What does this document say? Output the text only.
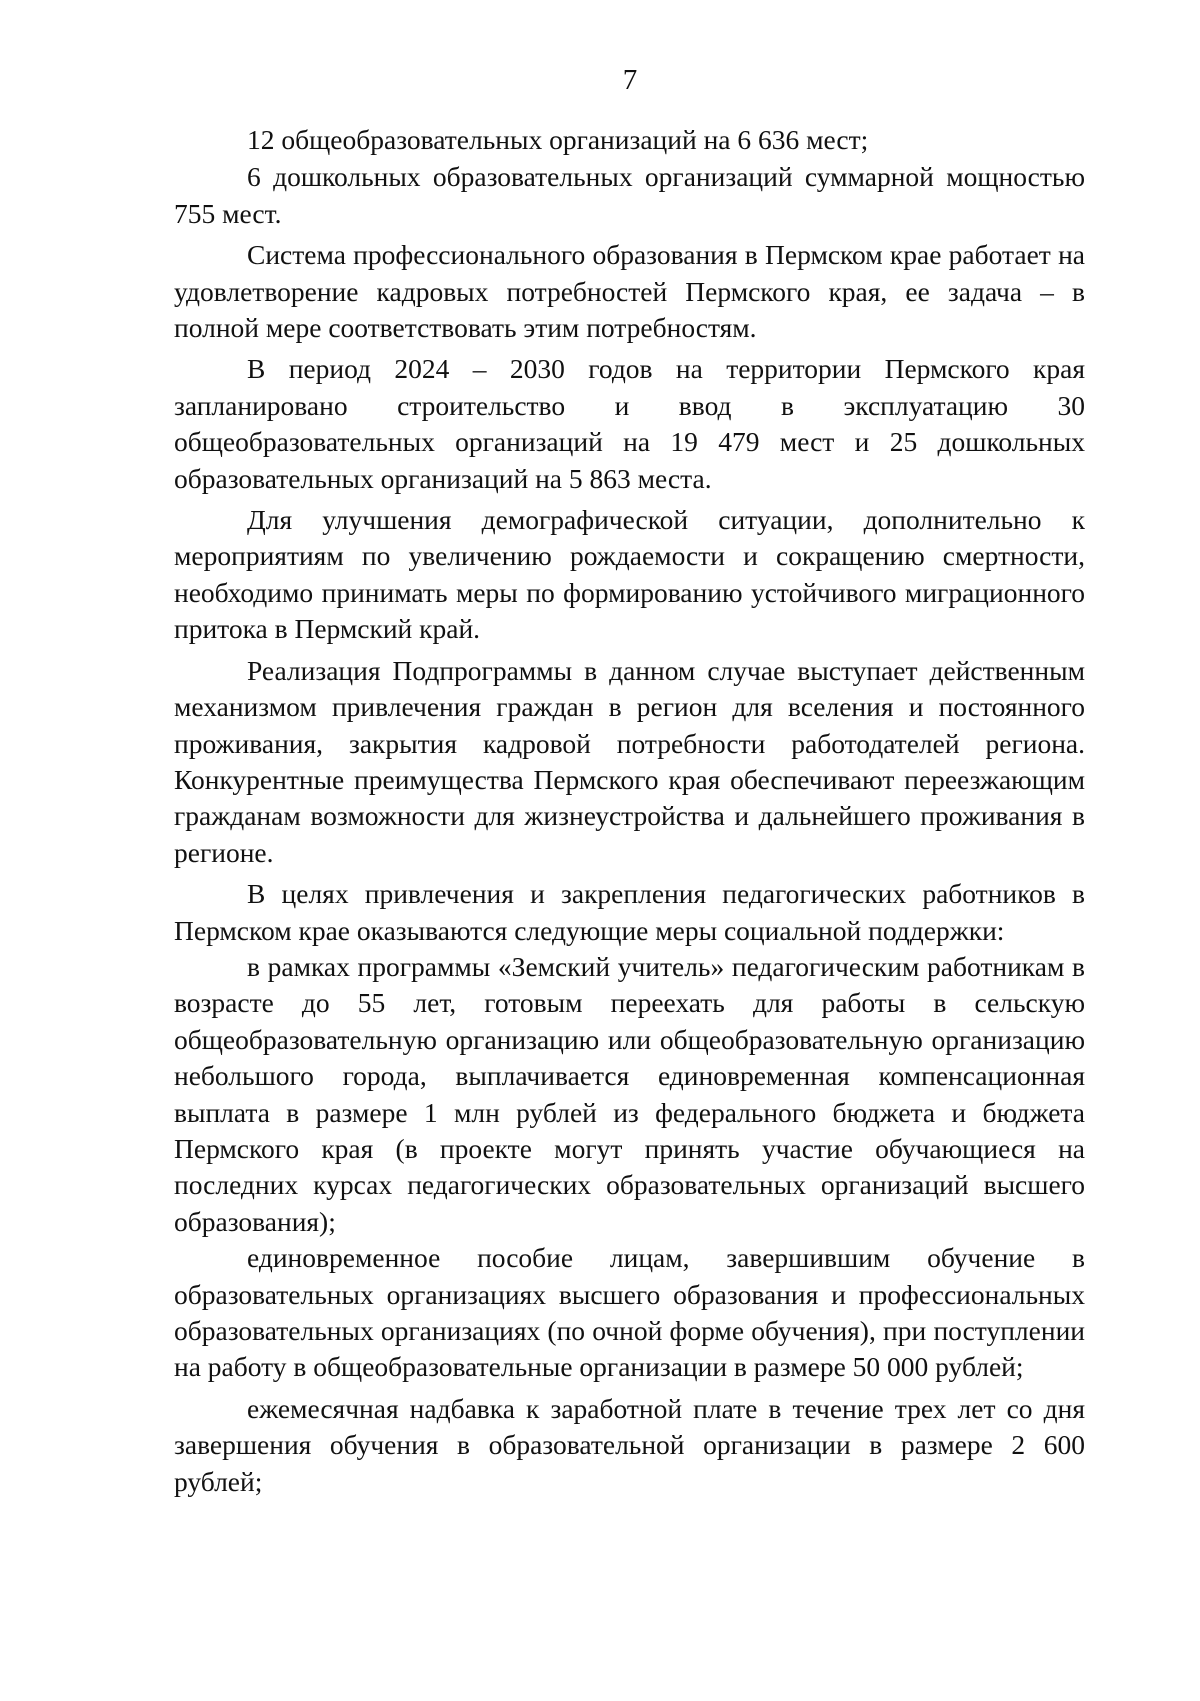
7

12 общеобразовательных организаций на 6 636 мест;

6 дошкольных образовательных организаций суммарной мощностью 755 мест.

Система профессионального образования в Пермском крае работает на удовлетворение кадровых потребностей Пермского края, ее задача – в полной мере соответствовать этим потребностям.

В период 2024 – 2030 годов на территории Пермского края запланировано строительство и ввод в эксплуатацию 30 общеобразовательных организаций на 19 479 мест и 25 дошкольных образовательных организаций на 5 863 места.

Для улучшения демографической ситуации, дополнительно к мероприятиям по увеличению рождаемости и сокращению смертности, необходимо принимать меры по формированию устойчивого миграционного притока в Пермский край.

Реализация Подпрограммы в данном случае выступает действенным механизмом привлечения граждан в регион для вселения и постоянного проживания, закрытия кадровой потребности работодателей региона. Конкурентные преимущества Пермского края обеспечивают переезжающим гражданам возможности для жизнеустройства и дальнейшего проживания в регионе.

В целях привлечения и закрепления педагогических работников в Пермском крае оказываются следующие меры социальной поддержки:

в рамках программы «Земский учитель» педагогическим работникам в возрасте до 55 лет, готовым переехать для работы в сельскую общеобразовательную организацию или общеобразовательную организацию небольшого города, выплачивается единовременная компенсационная выплата в размере 1 млн рублей из федерального бюджета и бюджета Пермского края (в проекте могут принять участие обучающиеся на последних курсах педагогических образовательных организаций высшего образования);

единовременное пособие лицам, завершившим обучение в образовательных организациях высшего образования и профессиональных образовательных организациях (по очной форме обучения), при поступлении на работу в общеобразовательные организации в размере 50 000 рублей;

ежемесячная надбавка к заработной плате в течение трех лет со дня завершения обучения в образовательной организации в размере 2 600 рублей;
